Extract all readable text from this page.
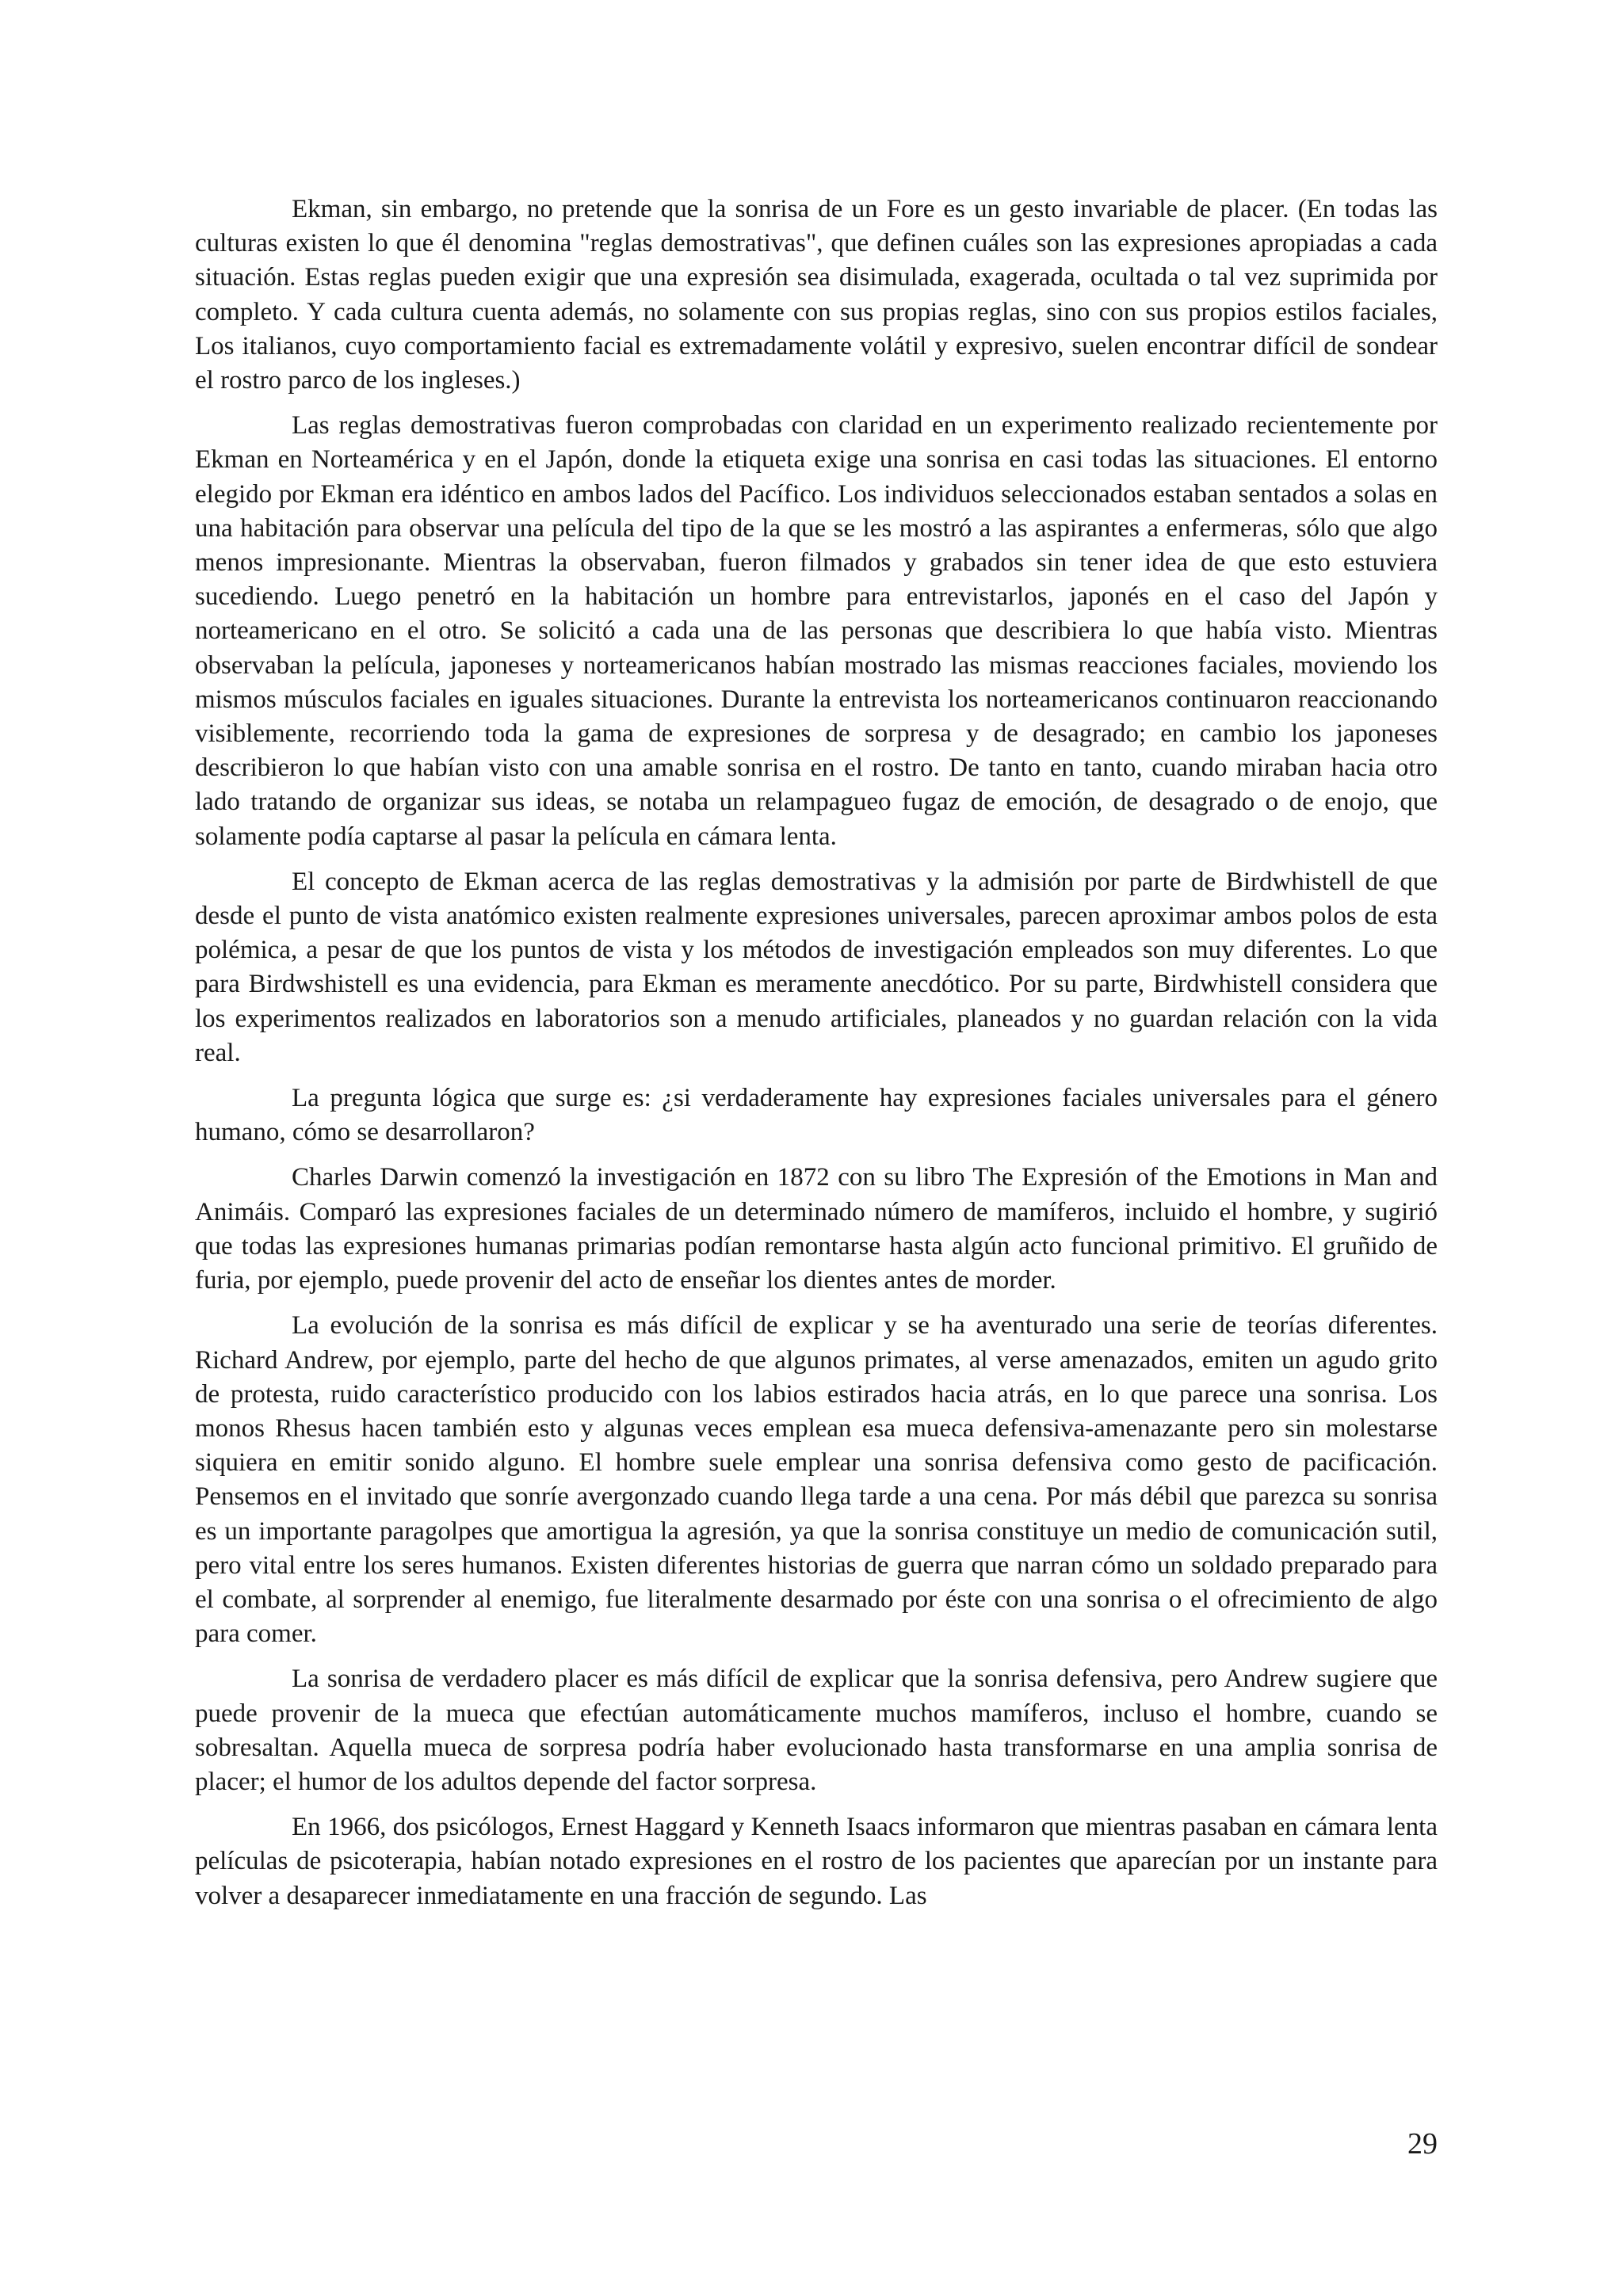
Ekman, sin embargo, no pretende que la sonrisa de un Fore es un gesto invariable de placer. (En todas las culturas existen lo que él denomina "reglas demostrativas", que definen cuáles son las expresiones apropiadas a cada situación. Estas reglas pueden exigir que una expresión sea disimulada, exagerada, ocultada o tal vez suprimida por completo. Y cada cultura cuenta además, no solamente con sus propias reglas, sino con sus propios estilos faciales, Los italianos, cuyo comportamiento facial es extremadamente volátil y expresivo, suelen encontrar difícil de sondear el rostro parco de los ingleses.)

Las reglas demostrativas fueron comprobadas con claridad en un experimento realizado recientemente por Ekman en Norteamérica y en el Japón, donde la etiqueta exige una sonrisa en casi todas las situaciones. El entorno elegido por Ekman era idéntico en ambos lados del Pacífico. Los individuos seleccionados estaban sentados a solas en una habitación para observar una película del tipo de la que se les mostró a las aspirantes a enfermeras, sólo que algo menos impresionante. Mientras la observaban, fueron filmados y grabados sin tener idea de que esto estuviera sucediendo. Luego penetró en la habitación un hombre para entrevistarlos, japonés en el caso del Japón y norteamericano en el otro. Se solicitó a cada una de las personas que describiera lo que había visto. Mientras observaban la película, japoneses y norteamericanos habían mostrado las mismas reacciones faciales, moviendo los mismos músculos faciales en iguales situaciones. Durante la entrevista los norteamericanos continuaron reaccionando visiblemente, recorriendo toda la gama de expresiones de sorpresa y de desagrado; en cambio los japoneses describieron lo que habían visto con una amable sonrisa en el rostro. De tanto en tanto, cuando miraban hacia otro lado tratando de organizar sus ideas, se notaba un relampagueo fugaz de emoción, de desagrado o de enojo, que solamente podía captarse al pasar la película en cámara lenta.

El concepto de Ekman acerca de las reglas demostrativas y la admisión por parte de Birdwhistell de que desde el punto de vista anatómico existen realmente expresiones universales, parecen aproximar ambos polos de esta polémica, a pesar de que los puntos de vista y los métodos de investigación empleados son muy diferentes. Lo que para Birdwshistell es una evidencia, para Ekman es meramente anecdótico. Por su parte, Birdwhistell considera que los experimentos realizados en laboratorios son a menudo artificiales, planeados y no guardan relación con la vida real.

La pregunta lógica que surge es: ¿si verdaderamente hay expresiones faciales universales para el género humano, cómo se desarrollaron?

Charles Darwin comenzó la investigación en 1872 con su libro The Expresión of the Emotions in Man and Animáis. Comparó las expresiones faciales de un determinado número de mamíferos, incluido el hombre, y sugirió que todas las expresiones humanas primarias podían remontarse hasta algún acto funcional primitivo. El gruñido de furia, por ejemplo, puede provenir del acto de enseñar los dientes antes de morder.

La evolución de la sonrisa es más difícil de explicar y se ha aventurado una serie de teorías diferentes. Richard Andrew, por ejemplo, parte del hecho de que algunos primates, al verse amenazados, emiten un agudo grito de protesta, ruido característico producido con los labios estirados hacia atrás, en lo que parece una sonrisa. Los monos Rhesus hacen también esto y algunas veces emplean esa mueca defensiva-amenazante pero sin molestarse siquiera en emitir sonido alguno. El hombre suele emplear una sonrisa defensiva como gesto de pacificación. Pensemos en el invitado que sonríe avergonzado cuando llega tarde a una cena. Por más débil que parezca su sonrisa es un importante paragolpes que amortigua la agresión, ya que la sonrisa constituye un medio de comunicación sutil, pero vital entre los seres humanos. Existen diferentes historias de guerra que narran cómo un soldado preparado para el combate, al sorprender al enemigo, fue literalmente desarmado por éste con una sonrisa o el ofrecimiento de algo para comer.

La sonrisa de verdadero placer es más difícil de explicar que la sonrisa defensiva, pero Andrew sugiere que puede provenir de la mueca que efectúan automáticamente muchos mamíferos, incluso el hombre, cuando se sobresaltan. Aquella mueca de sorpresa podría haber evolucionado hasta transformarse en una amplia sonrisa de placer; el humor de los adultos depende del factor sorpresa.

En 1966, dos psicólogos, Ernest Haggard y Kenneth Isaacs informaron que mientras pasaban en cámara lenta películas de psicoterapia, habían notado expresiones en el rostro de los pacientes que aparecían por un instante para volver a desaparecer inmediatamente en una fracción de segundo. Las

29
